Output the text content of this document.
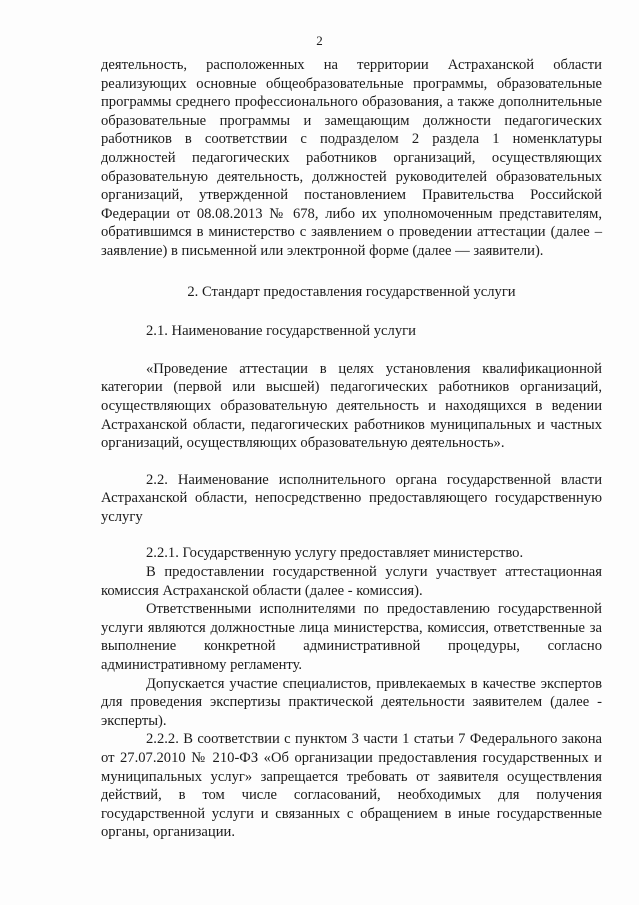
2

деятельность, расположенных на территории Астраханской области реализующих основные общеобразовательные программы, образовательные программы среднего профессионального образования, а также дополнительные образовательные программы и замещающим должности педагогических работников в соответствии с подразделом 2 раздела 1 номенклатуры должностей педагогических работников организаций, осуществляющих образовательную деятельность, должностей руководителей образовательных организаций, утвержденной постановлением Правительства Российской Федерации от 08.08.2013 № 678, либо их уполномоченным представителям, обратившимся в министерство с заявлением о проведении аттестации (далее – заявление) в письменной или электронной форме (далее — заявители).

2. Стандарт предоставления государственной услуги

2.1. Наименование государственной услуги

«Проведение аттестации в целях установления квалификационной категории (первой или высшей) педагогических работников организаций, осуществляющих образовательную деятельность и находящихся в ведении Астраханской области, педагогических работников муниципальных и частных организаций, осуществляющих образовательную деятельность».

2.2. Наименование исполнительного органа государственной власти Астраханской области, непосредственно предоставляющего государственную услугу

2.2.1. Государственную услугу предоставляет министерство.

В предоставлении государственной услуги участвует аттестационная комиссия Астраханской области (далее - комиссия).

Ответственными исполнителями по предоставлению государственной услуги являются должностные лица министерства, комиссия, ответственные за выполнение конкретной административной процедуры, согласно административному регламенту.

Допускается участие специалистов, привлекаемых в качестве экспертов для проведения экспертизы практической деятельности заявителем (далее - эксперты).

2.2.2. В соответствии с пунктом 3 части 1 статьи 7 Федерального закона от 27.07.2010 № 210-ФЗ «Об организации предоставления государственных и муниципальных услуг» запрещается требовать от заявителя осуществления действий, в том числе согласований, необходимых для получения государственной услуги и связанных с обращением в иные государственные органы, организации.
